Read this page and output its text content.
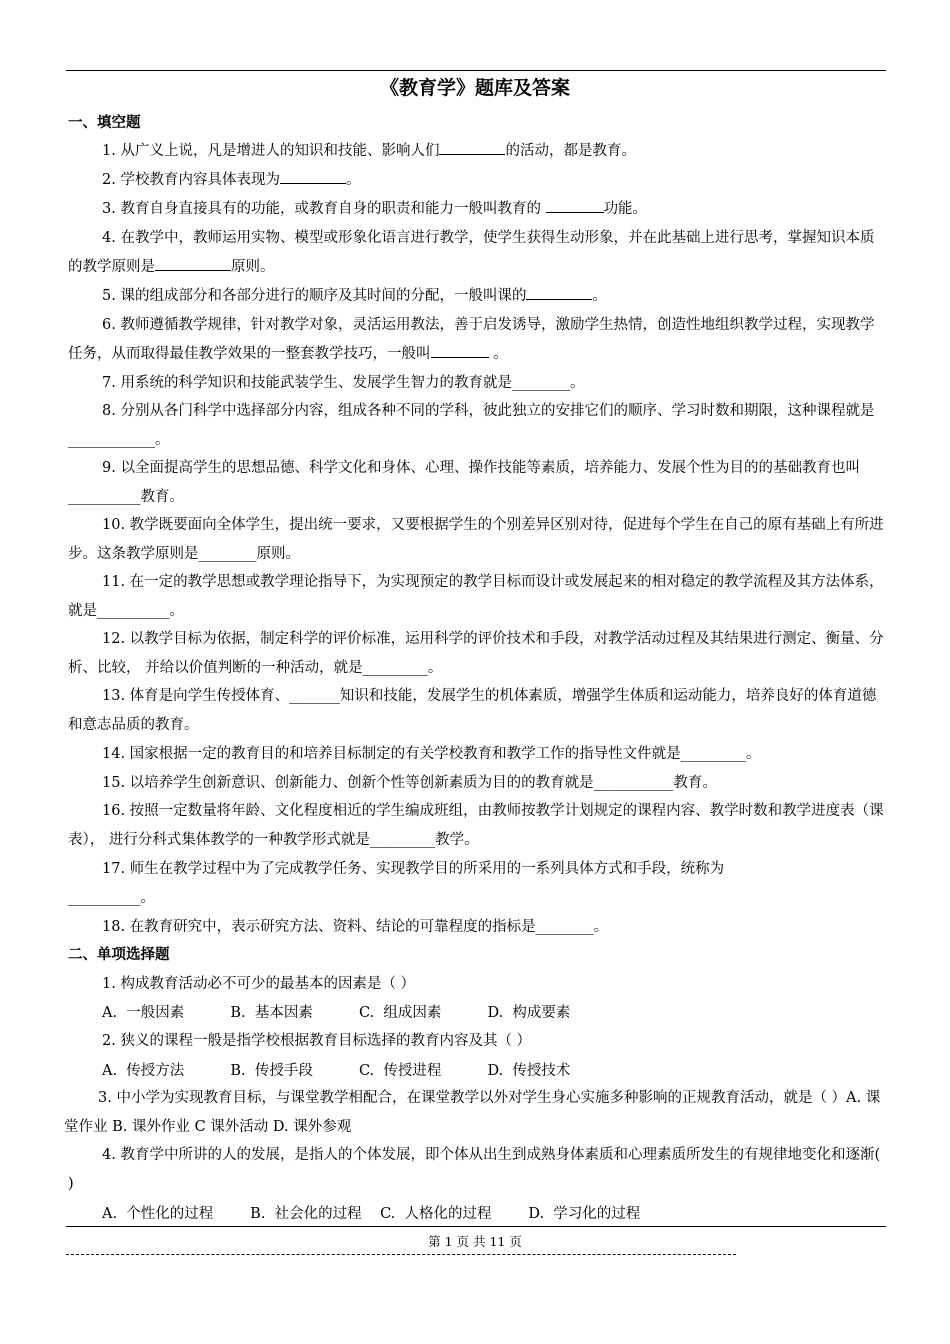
《教育学》题库及答案
一、填空题
1. 从广义上说，凡是增进人的知识和技能、影响人们	的活动，都是教育。
2. 学校教育内容具体表现为	。
3. 教育自身直接具有的功能，或教育自身的职责和能力一般叫教育的	功能。
4. 在教学中，教师运用实物、模型或形象化语言进行教学，使学生获得生动形象，并在此基础上进行思考，掌握知识本质的教学原则是	原则。
5. 课的组成部分和各部分进行的顺序及其时间的分配，一般叫课的	。
6. 教师遵循教学规律，针对教学对象，灵活运用教法，善于启发诱导，激励学生热情，创造性地组织教学过程，实现教学任务，从而取得最佳教学效果的一整套教学技巧，一般叫	。
7. 用系统的科学知识和技能武装学生、发展学生智力的教育就是________。
8. 分别从各门科学中选择部分内容，组成各种不同的学科，彼此独立的安排它们的顺序、学习时数和期限，这种课程就是____________。
9. 以全面提高学生的思想品德、科学文化和身体、心理、操作技能等素质，培养能力、发展个性为目的的基础教育也叫__________教育。
10. 教学既要面向全体学生，提出统一要求，又要根据学生的个别差异区别对待，促进每个学生在自己的原有基础上有所进步。这条教学原则是________原则。
11. 在一定的教学思想或教学理论指导下，为实现预定的教学目标而设计或发展起来的相对稳定的教学流程及其方法体系，就是__________。
12. 以教学目标为依据，制定科学的评价标准，运用科学的评价技术和手段，对教学活动过程及其结果进行测定、衡量、分析、比较， 并给以价值判断的一种活动，就是_________。
13. 体育是向学生传授体育、_______知识和技能，发展学生的机体素质，增强学生体质和运动能力，培养良好的体育道德和意志品质的教育。
14. 国家根据一定的教育目的和培养目标制定的有关学校教育和教学工作的指导性文件就是_________。
15. 以培养学生创新意识、创新能力、创新个性等创新素质为目的的教育就是___________教育。
16. 按照一定数量将年龄、文化程度相近的学生编成班组，由教师按教学计划规定的课程内容、教学时数和教学进度表（课表）， 进行分科式集体教学的一种教学形式就是_________教学。
17. 师生在教学过程中为了完成教学任务、实现教学目的所采用的一系列具体方式和手段，统称为
__________。
18. 在教育研究中，表示研究方法、资料、结论的可靠程度的指标是________。
二、单项选择题
1. 构成教育活动必不可少的最基本的因素是（ ）
A.  一般因素          B.  基本因素          C.  组成因素          D.  构成要素
2. 狭义的课程一般是指学校根据教育目标选择的教育内容及其（ ）
A.  传授方法          B.  传授手段          C.  传授进程          D.  传授技术
3. 中小学为实现教育目标，与课堂教学相配合，在课堂教学以外对学生身心实施多种影响的正规教育活动，就是（ ）A. 课堂作业 B. 课外作业 C 课外活动 D. 课外参观
4. 教育学中所讲的人的发展，是指人的个体发展，即个体从出生到成熟身体素质和心理素质所发生的有规律地变化和逐渐( )
A.  个性化的过程        B.  社会化的过程    C.  人格化的过程        D.  学习化的过程
第 1 页 共 11 页
